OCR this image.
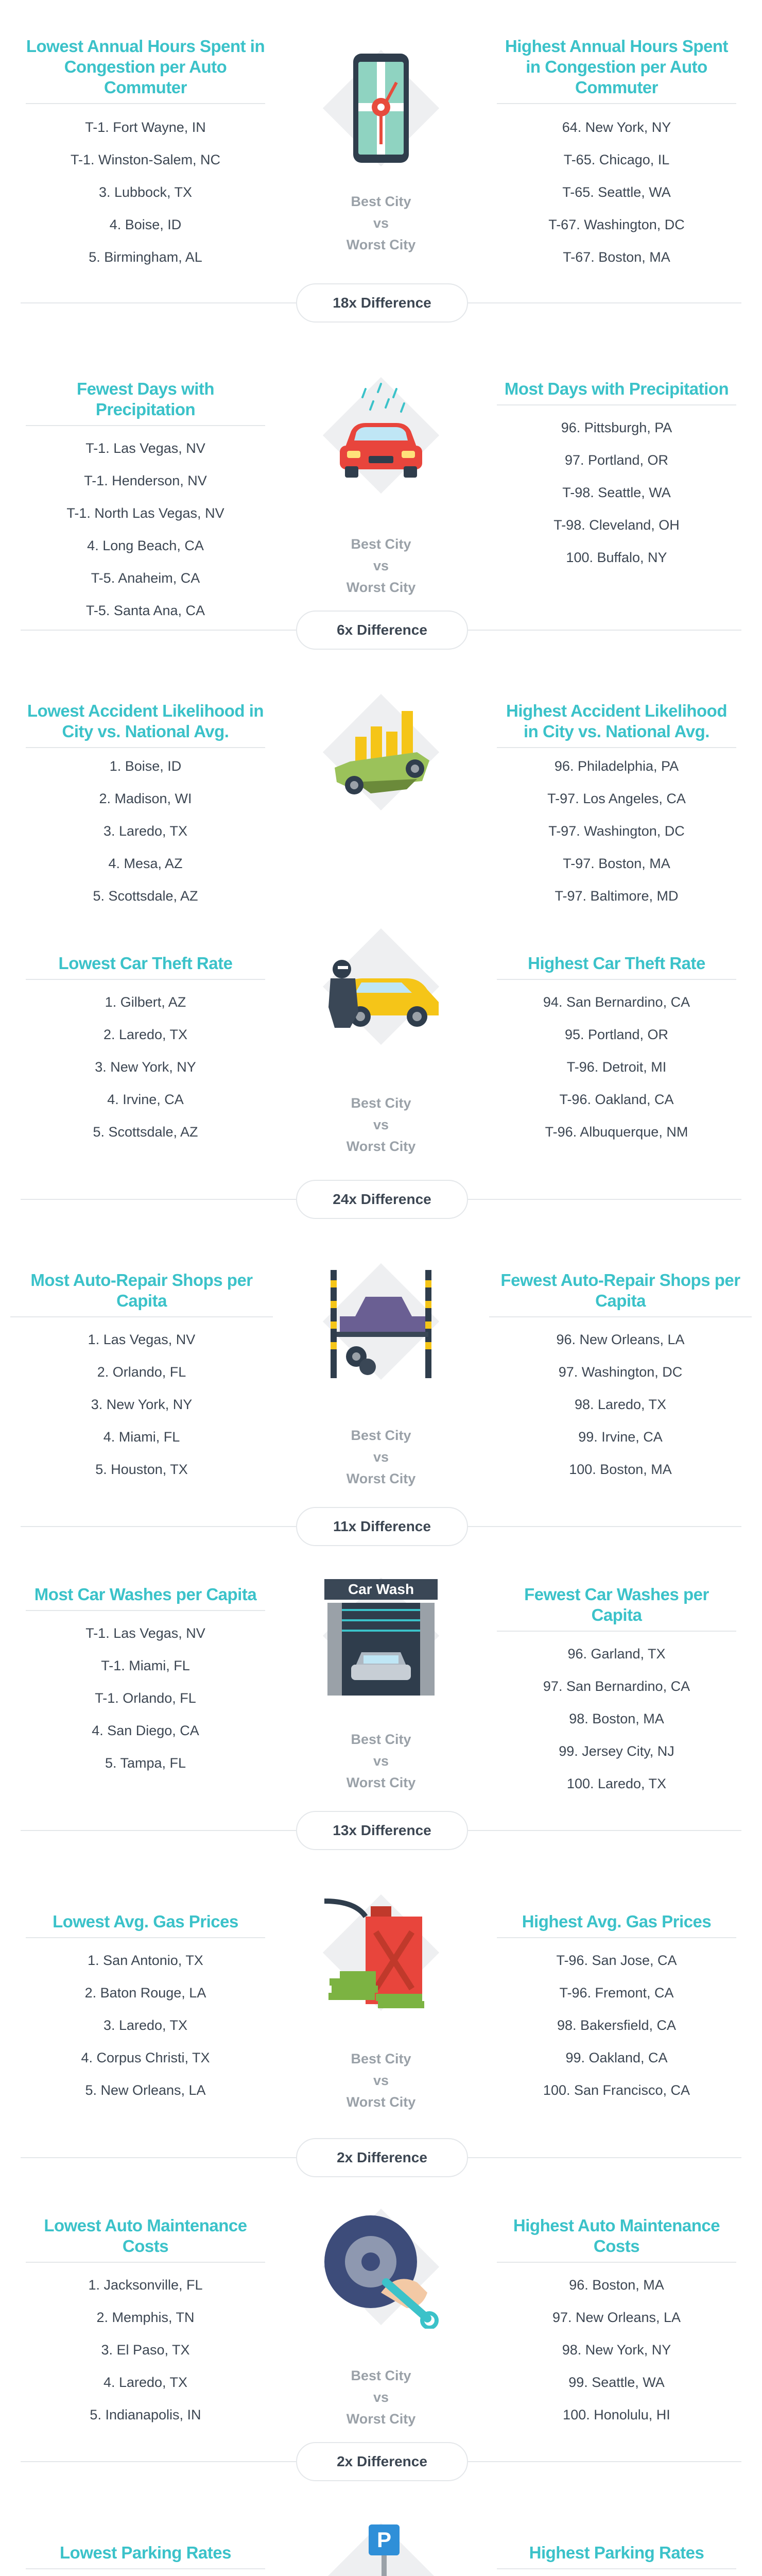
Lowest Annual Hours Spent in Congestion per Auto Commuter
T-1. Fort Wayne, IN
T-1. Winston-Salem, NC
3. Lubbock, TX
4. Boise, ID
5. Birmingham, AL
Best City
vs
Worst City
Highest Annual Hours Spent in Congestion per Auto Commuter
64. New York, NY
T-65. Chicago, IL
T-65. Seattle, WA
T-67. Washington, DC
T-67. Boston, MA
18x Difference
Fewest Days with Precipitation
T-1. Las Vegas, NV
T-1. Henderson, NV
T-1. North Las Vegas, NV
4. Long Beach, CA
T-5. Anaheim, CA
T-5. Santa Ana, CA
Best City
vs
Worst City
Most Days with Precipitation
96. Pittsburgh, PA
97. Portland, OR
T-98. Seattle, WA
T-98. Cleveland, OH
100. Buffalo, NY
6x Difference
Lowest Accident Likelihood in City vs. National Avg.
1. Boise, ID
2. Madison, WI
3. Laredo, TX
4. Mesa, AZ
5. Scottsdale, AZ
Highest Accident Likelihood in City vs. National Avg.
96. Philadelphia, PA
T-97. Los Angeles, CA
T-97. Washington, DC
T-97. Boston, MA
T-97. Baltimore, MD
Lowest Car Theft Rate
1. Gilbert, AZ
2. Laredo, TX
3. New York, NY
4. Irvine, CA
5. Scottsdale, AZ
Best City
vs
Worst City
Highest Car Theft Rate
94. San Bernardino, CA
95. Portland, OR
T-96. Detroit, MI
T-96. Oakland, CA
T-96. Albuquerque, NM
24x Difference
Most Auto-Repair Shops per Capita
1. Las Vegas, NV
2. Orlando, FL
3. New York, NY
4. Miami, FL
5. Houston, TX
Best City
vs
Worst City
Fewest Auto-Repair Shops per Capita
96. New Orleans, LA
97. Washington, DC
98. Laredo, TX
99. Irvine, CA
100. Boston, MA
11x Difference
Most Car Washes per Capita
T-1. Las Vegas, NV
T-1. Miami, FL
T-1. Orlando, FL
4. San Diego, CA
5. Tampa, FL
Car Wash
Best City
vs
Worst City
Fewest Car Washes per Capita
96. Garland, TX
97. San Bernardino, CA
98. Boston, MA
99. Jersey City, NJ
100. Laredo, TX
13x Difference
Lowest Avg. Gas Prices
1. San Antonio, TX
2. Baton Rouge, LA
3. Laredo, TX
4. Corpus Christi, TX
5. New Orleans, LA
Best City
vs
Worst City
Highest Avg. Gas Prices
T-96. San Jose, CA
T-96. Fremont, CA
98. Bakersfield, CA
99. Oakland, CA
100. San Francisco, CA
2x Difference
Lowest Auto Maintenance Costs
1. Jacksonville, FL
2. Memphis, TN
3. El Paso, TX
4. Laredo, TX
5. Indianapolis, IN
Best City
vs
Worst City
Highest Auto Maintenance Costs
96. Boston, MA
97. New Orleans, LA
98. New York, NY
99. Seattle, WA
100. Honolulu, HI
2x Difference
Lowest Parking Rates
P
Highest Parking Rates
